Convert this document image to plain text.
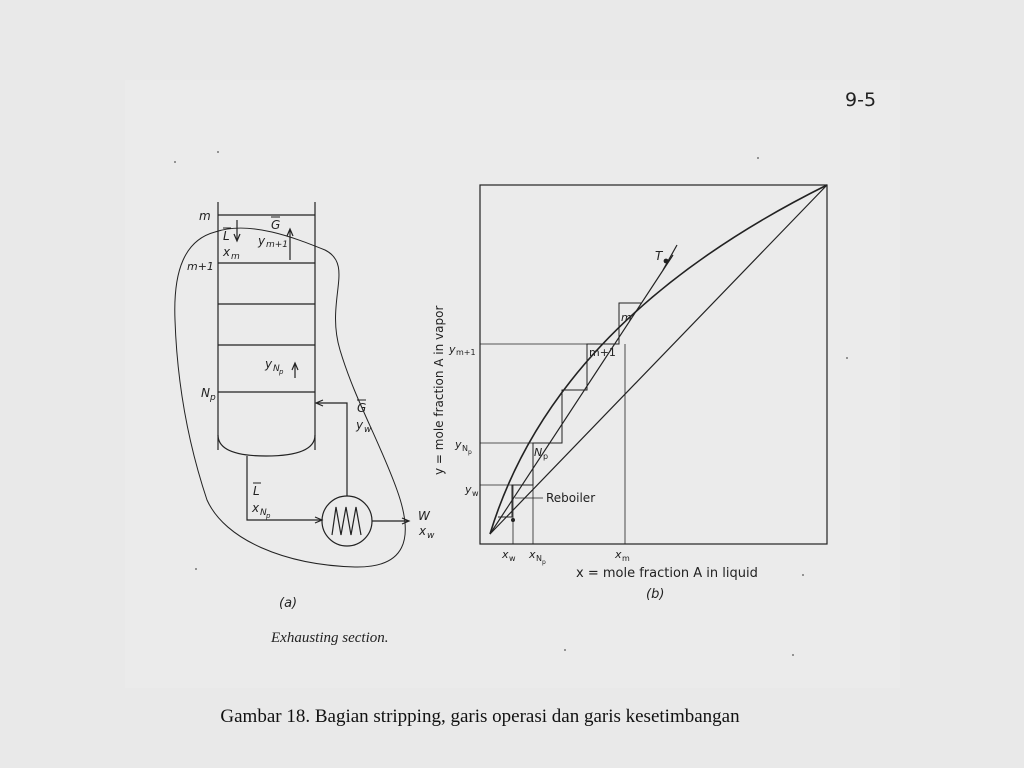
9-5
m
L
G
x m
y m+1
m+1
y N p
N p
G
y w
L
x N p	W
x w
(a)
Exhausting section.
T
m
m+1
N p
Reboiler
y m+1
y N p
y w
x w x N p
x m
x = mole fraction A in liquid
y = mole fraction A in vapor
(b)
Gambar 18. Bagian stripping, garis operasi dan garis kesetimbangan
